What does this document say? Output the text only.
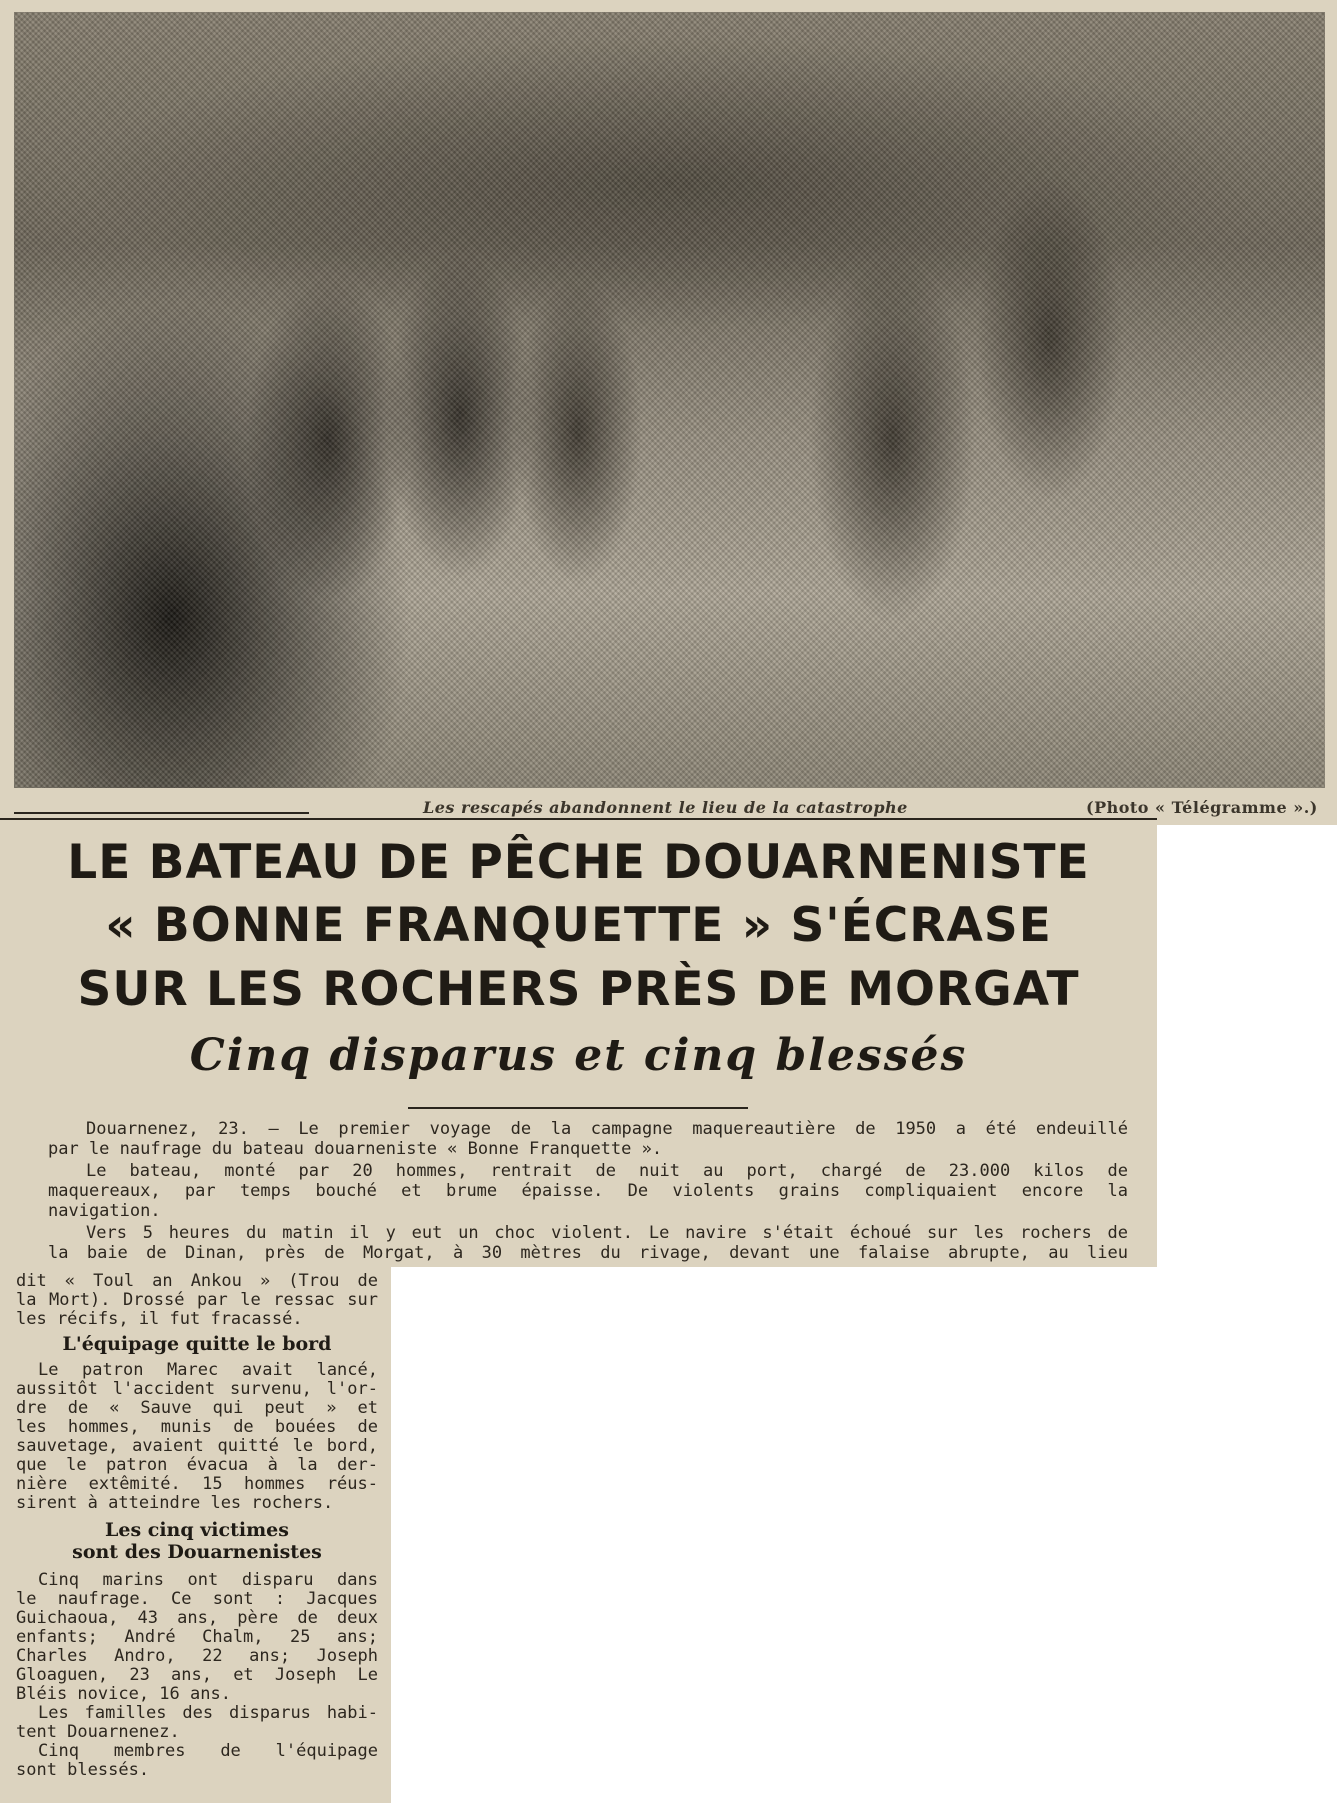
Les rescapés abandonnent le lieu de la catastrophe	(Photo « Télégramme ».)
LE BATEAU DE PÊCHE DOUARNENISTE
« BONNE FRANQUETTE » S'ÉCRASE
SUR LES ROCHERS PRÈS DE MORGAT
Cinq disparus et cinq blessés
Douarnenez, 23. — Le premier voyage de la campagne maquereautière de 1950 a été endeuillé
par le naufrage du bateau douarneniste « Bonne Franquette ».
Le bateau, monté par 20 hommes, rentrait de nuit au port, chargé de 23.000 kilos de
maquereaux, par temps bouché et brume épaisse. De violents grains compliquaient encore la
navigation.
Vers 5 heures du matin il y eut un choc violent. Le navire s'était échoué sur les rochers de
la baie de Dinan, près de Morgat, à 30 mètres du rivage, devant une falaise abrupte, au lieu
dit « Toul an Ankou » (Trou de
la Mort). Drossé par le ressac sur
les récifs, il fut fracassé.
L'équipage quitte le bord
Le patron Marec avait lancé,
aussitôt l'accident survenu, l'or-
dre de « Sauve qui peut » et
les hommes, munis de bouées de
sauvetage, avaient quitté le bord,
que le patron évacua à la der-
nière extêmité. 15 hommes réus-
sirent à atteindre les rochers.
Les cinq victimes
sont des Douarnenistes
Cinq marins ont disparu dans
le naufrage. Ce sont : Jacques
Guichaoua, 43 ans, père de deux
enfants; André Chalm, 25 ans;
Charles Andro, 22 ans; Joseph
Gloaguen, 23 ans, et Joseph Le
Bléis novice, 16 ans.
Les familles des disparus habi-
tent Douarnenez.
Cinq membres de l'équipage
sont blessés.
